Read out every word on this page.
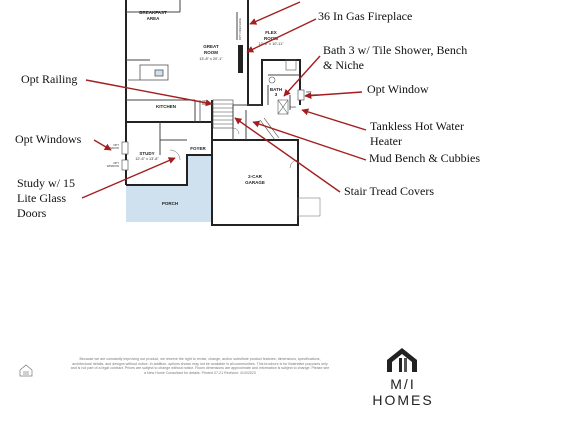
BREAKFAST
AREA
GREAT
ROOM
13'-8" x 20'-1"
FLEX
ROOM
12'-8" x 10'-11"
KITCHEN
STUDY
12'-6" x 13'-8"
FOYER
PORCH
2-CAR
GARAGE
BATH
3
OPT FIREPLACE
OPT
WINDOW
OPT
WINDOW
OPT
WINDOW
OPT
RAIL
AHU
36 In Gas Fireplace
Bath 3 w/ Tile Shower, Bench
& Niche
Opt Window
Opt Railing
Tankless Hot Water
Heater
Opt Windows
Mud Bench & Cubbies
Study w/ 15
Lite Glass
Doors
Stair Tread Covers
Because we are constantly improving our product, we reserve the right to revise, change, and/or substitute product features, dimensions, specifications, architectural details, and designs without notice. In addition, options shown may not be available in all communities. This brochure is for illustrative purposes only and is not part of a legal contract. Prices are subject to change without notice. Room dimensions are approximate and information is subject to change. Please see a New Home Consultant for details. Printed 07-21 Revision: 4/10/2023
M/I HOMES
